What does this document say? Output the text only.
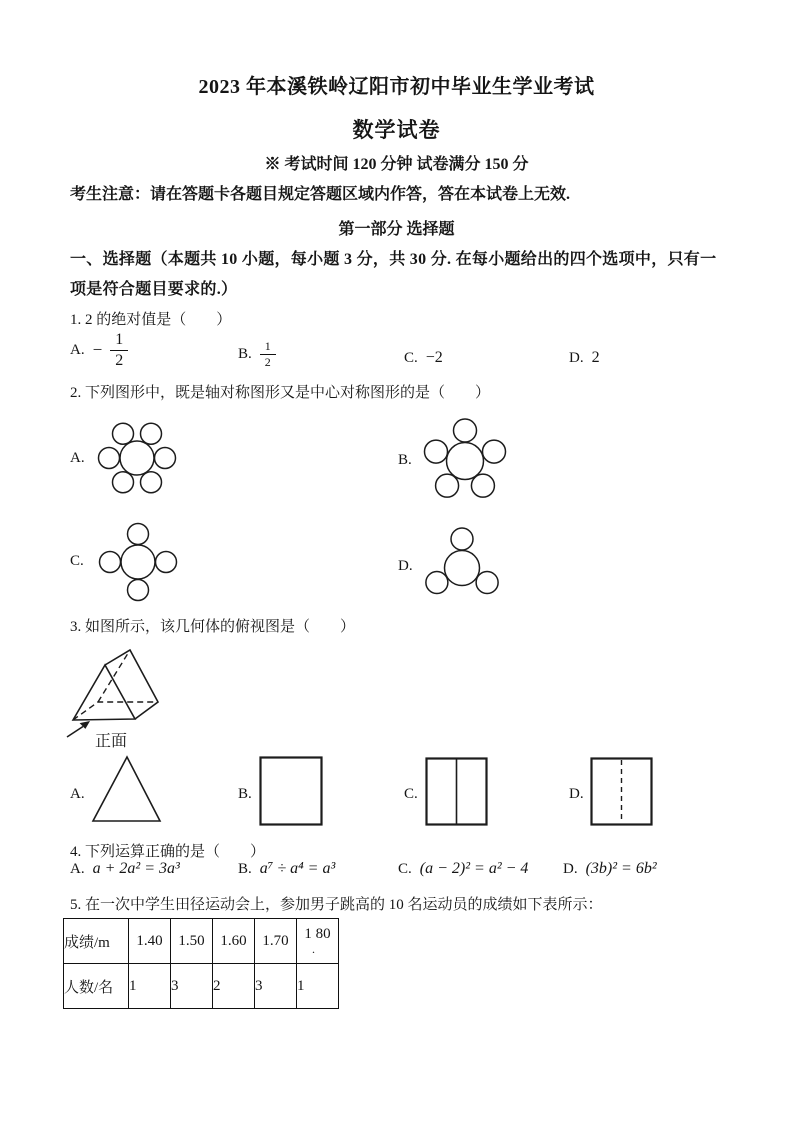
2023 年本溪铁岭辽阳市初中毕业生学业考试
数学试卷
※ 考试时间 120 分钟 试卷满分 150 分
考生注意：请在答题卡各题目规定答题区域内作答，答在本试卷上无效.
第一部分 选择题
一、选择题（本题共 10 小题，每小题 3 分，共 30 分. 在每小题给出的四个选项中，只有一
项是符合题目要求的.）
1. 2 的绝对值是（　　）
A. − $\frac{1}{2}$	B. $\frac{1}{2}$	C. −2	D. 2
2. 下列图形中，既是轴对称图形又是中心对称图形的是（　　）
A.	B.
C.	D.
3. 如图所示，该几何体的俯视图是（　　）
正面
A.	B.	C.	D.
4. 下列运算正确的是（　　）
A. a + 2a² = 3a³	B. a⁷ ÷ a⁴ = a³	C. (a − 2)² = a² − 4 D. (3b)² = 6b²
5. 在一次中学生田径运动会上，参加男子跳高的 10 名运动员的成绩如下表所示：
成绩/m	1.40	1.50	1.60	1.70	1 80
.

人数/名	1	3	2	3	1
